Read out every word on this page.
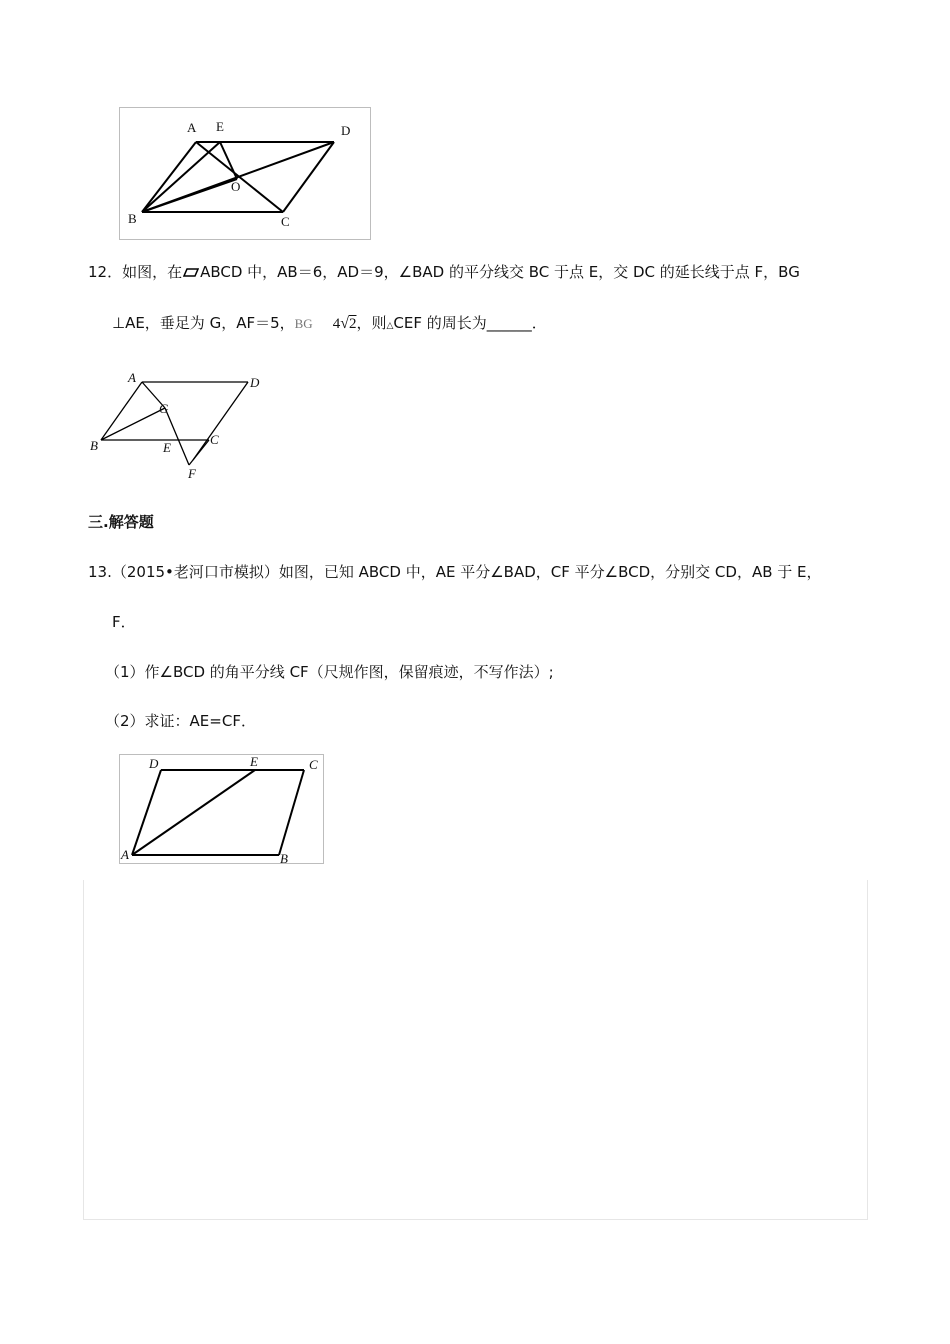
A E	D
O
B	C
12．如图，在 ABCD 中，AB＝6，AD＝9，∠BAD 的平分线交 BC 于点 E，交 DC 的延长线于点 F，BG
⊥AE，垂足为 G，AF＝5，BG 4√2，则△CEF 的周长为______．
A	D
G
B	E
C
F
三.解答题
13.（2015•老河口市模拟）如图，已知 ABCD 中，AE 平分∠BAD，CF 平分∠BCD，分别交 CD，AB 于 E，
F．
（1）作∠BCD 的角平分线 CF（尺规作图，保留痕迹，不写作法）;
（2）求证：AE=CF．
D	E	C
A	B
